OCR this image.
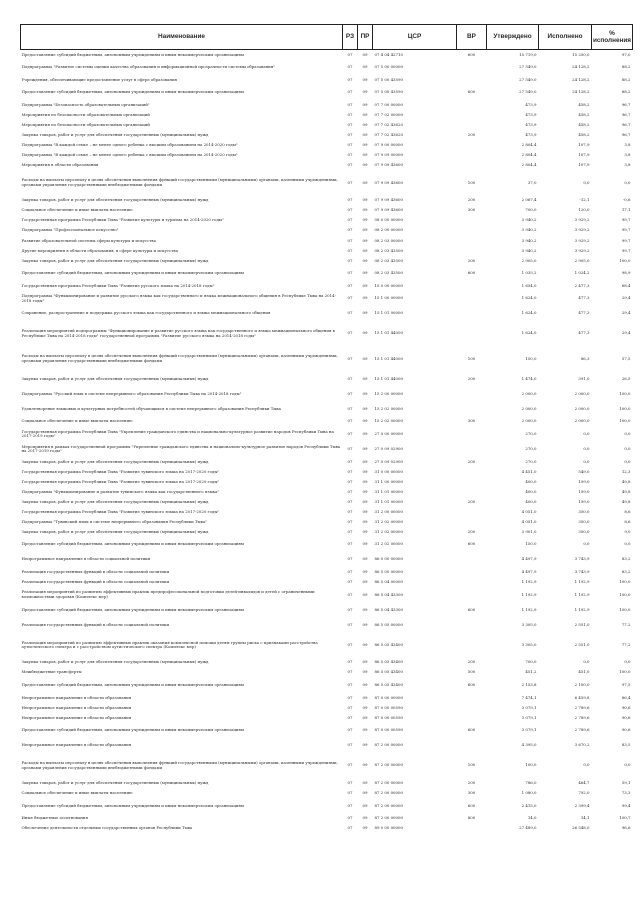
Наименование	РЗ	ПР	ЦСР	ВР	Утверждено	Исполнено	% исполнения
Предоставление субсидий бюджетным, автономным учреждениям и иным некоммерческим организациям	07	09	07 4 04 42710	600	15 719,0	15 250,0	97,0
Подпрограмма "Развитие системы оценки качества образования и информационной прозрачности системы образования"	07	09	07 5 00 00000		27 549,0	24 128,2	88,2
Учреждения, обеспечивающие предоставление услуг в сфере образования	07	09	07 5 00 43590		27 549,0	24 128,2	88,2
Предоставление субсидий бюджетным, автономным учреждениям и иным некоммерческим организациям	07	09	07 5 00 43590	600	27 549,0	24 128,2	88,2
Подпрограмма "Безопасность образовательных организаций"	07	09	07 7 00 00000		473,9	458,2	96,7
Мероприятия по безопасности образовательных организаций	07	09	07 7 02 00000		473,9	458,2	96,7
Мероприятия по безопасности образовательных организаций	07	09	07 7 02 43620		473,9	458,2	96,7
Закупка товаров, работ и услуг для обеспечения государственных (муниципальных) нужд	07	09	07 7 02 43620	200	473,9	458,2	96,7
Подпрограмма "В каждой семье – не менее одного ребенка с высшим образованием на 2014-2020 годы"	07	09	07 9 00 00000		2 804,4	107,9	3,8
Подпрограмма "В каждой семье – не менее одного ребенка с высшим образованием на 2014-2020 годы"	07	09	07 9 09 00000		2 804,4	107,9	3,8
Мероприятия в области образования	07	09	07 9 09 43600		2 804,4	107,9	3,8
Расходы на выплаты персоналу в целях обеспечения выполнения функций государственными (муниципальными) органами, казенными учреждениями, органами управления государственными внебюджетными фондами	07	09	07 9 09 43600	100	37,0	0,0	0,0
Закупка товаров, работ и услуг для обеспечения государственных (муниципальных) нужд	07	09	07 9 09 43600	200	2 067,4	-12,1	-0,6
Социальное обеспечение и иные выплаты населению	07	09	07 9 09 43600	300	700,0	120,0	17,1
Государственная программа Республики Тыва "Развитие культуры и туризма на 2014-2020 годы"	07	09	08 0 00 00000		3 940,2	3 929,2	99,7
Подпрограмма "Профессиональное искусство"	07	09	08 2 00 00000		3 940,2	3 929,2	99,7
Развитие образовательной системы сферы культуры и искусства	07	09	08 2 03 00000		3 940,2	3 929,2	99,7
Другие мероприятия в области образования, в сфере культуры и искусства	07	09	08 2 03 43500		3 940,2	3 929,2	99,7
Закупка товаров, работ и услуг для обеспечения государственных (муниципальных) нужд	07	09	08 2 03 43500	200	2 905,0	2 905,0	100,0
Предоставление субсидий бюджетным, автономным учреждениям и иным некоммерческим организациям	07	09	08 2 03 43500	600	1 035,2	1 024,2	98,9
Государственная программа Республики Тыва "Развитие русского языка на 2014-2018 годы"	07	09	15 0 00 00000		1 654,0	2 477,3	68,4
Подпрограмма "Функционирование и развитие русского языка как государственного и языка межнационального общения в Республике Тыва на 2014-2018 годы"	07	09	15 1 00 00000		1 624,0	477,3	29,4
Сохранение, распространение и поддержка русского языка как государственного и языка межнационального общения	07	09	15 1 01 00000		1 624,0	477,3	29,4
Реализация мероприятий подпрограммы "Функционирование и развитие русского языка как государственного и языка межнационального общения в Республике Тыва на 2014-2018 годы" государственной программы "Развитие русского языка на 2014-2018 годы"	07	09	15 1 01 44000		1 624,0	477,3	29,4
Расходы на выплаты персоналу в целях обеспечения выполнения функций государственными (муниципальными) органами, казенными учреждениями, органами управления государственными внебюджетными фондами	07	09	15 1 01 44000	100	150,0	86,3	57,5
Закупка товаров, работ и услуг для обеспечения государственных (муниципальных) нужд	07	09	15 1 01 44000	200	1 474,0	391,0	26,5
Подпрограмма "Русский язык в системе непрерывного образования Республики Тыва на 2014-2018 годы"	07	09	15 2 00 00000		2 000,0	2 000,0	100,0
Удовлетворение языковых и культурных потребностей обучающихся в системе непрерывного образования Республики Тыва	07	09	15 2 02 00000		2 000,0	2 000,0	100,0
Социальное обеспечение и иные выплаты населению	07	09	15 2 02 00000	300	2 000,0	2 000,0	100,0
Государственная программа Республики Тыва "Укрепление гражданского единства и национально-культурное развитие народов Республики Тыва на 2017-2019 годы"	07	09	27 0 00 00000		270,0	0,0	0,0
Мероприятия в рамках государственной программы "Укрепление гражданского единства и национально-культурное развитие народов Республики Тыва на 2017-2019 годы"	07	09	27 0 09 02900		270,0	0,0	0,0
Закупка товаров, работ и услуг для обеспечения государственных (муниципальных) нужд	07	09	27 0 09 02900	200	270,0	0,0	0,0
Государственная программа Республики Тыва "Развитие тувинского языка на 2017-2020 годы"	07	09	31 0 00 00000		4 451,0	549,0	12,3
Государственная программа Республики Тыва "Развитие тувинского языка на 2017-2020 годы"	07	09	31 1 00 00000		400,0	199,0	49,8
Подпрограмма "Функционирование и развитие тувинского языка как государственного языка"	07	09	31 1 01 00000		400,0	199,0	49,8
Закупка товаров, работ и услуг для обеспечения государственных (муниципальных) нужд	07	09	31 1 01 00000	200	400,0	199,0	49,8
Государственная программа Республики Тыва "Развитие тувинского языка на 2017-2020 годы"	07	09	31 2 00 00000		4 051,0	350,0	8,6
Подпрограмма "Тувинский язык в системе непрерывного образования Республики Тыва"	07	09	31 2 02 00000		4 051,0	350,0	8,6
Закупка товаров, работ и услуг для обеспечения государственных (муниципальных) нужд	07	09	31 2 02 00000	200	3 901,0	350,0	9,0
Предоставление субсидий бюджетным, автономным учреждениям и иным некоммерческим организациям	07	09	31 2 02 00000	600	150,0	0,0	0,0
Непрограммное направление в области социальной политики	07	09	86 0 00 00000		4 497,9	3 743,9	83,2
Реализация государственных функций в области социальной политики	07	09	86 5 00 00000		4 497,9	3 743,9	83,2
Реализация государственных функций в области социальной политики	07	09	86 5 04 00000		1 192,9	1 192,9	100,0
Реализация мероприятий по развитию эффективных практик предпрофессиональной подготовки детей-инвалидов и детей с ограниченными возможностями здоровья (Комплекс мер)	07	09	86 5 04 43300		1 192,9	1 192,9	100,0
Предоставление субсидий бюджетным, автономным учреждениям и иным некоммерческим организациям	07	09	86 5 04 43300	600	1 192,9	1 192,9	100,0
Реализация государственных функций в области социальной политики	07	09	86 5 05 00000		3 305,0	2 551,0	77,2
Реализация мероприятий по развитию эффективных практик оказания комплексной помощи детям группы риска с признаками расстройства аутистического спектра и с расстройством аутистического спектра (Комплекс мер)	07	09	86 5 05 43400		3 305,0	2 551,0	77,2
Закупка товаров, работ и услуг для обеспечения государственных (муниципальных) нужд	07	09	86 5 05 43400	200	700,0	0,0	0,0
Межбюджетные трансферты	07	09	86 5 05 43400	500	451,2	451,0	100,0
Предоставление субсидий бюджетным, автономным учреждениям и иным некоммерческим организациям	07	09	86 5 05 43400	600	2 153,8	2 100,0	97,5
Непрограммное направление в области образования	07	09	87 0 00 00000		7 474,1	6 459,8	86,4
Непрограммное направление в области образования	07	09	87 0 00 00590		3 079,1	2 789,6	90,6
Непрограммное направление в области образования	07	09	87 0 00 00590		3 079,1	2 789,6	90,6
Предоставление субсидий бюджетным, автономным учреждениям и иным некоммерческим организациям	07	09	87 0 00 00590	600	3 079,1	2 789,6	90,6
Непрограммное направление в области образования	07	09	87 2 00 00000		4 395,0	3 670,2	83,5
Расходы на выплаты персоналу в целях обеспечения выполнения функций государственными (муниципальными) органами, казенными учреждениями, органами управления государственными внебюджетными фондами	07	09	87 2 00 00000	100	100,0	0,0	0,0
Закупка товаров, работ и услуг для обеспечения государственных (муниципальных) нужд	07	09	87 2 00 00000	200	786,0	464,7	59,1
Социальное обеспечение и иные выплаты населению	07	09	87 2 00 00000	300	1 080,0	792,0	73,3
Предоставление субсидий бюджетным, автономным учреждениям и иным некоммерческим организациям	07	09	87 2 00 00000	600	2 415,0	2 399,4	99,4
Иные бюджетные ассигнования	07	09	87 2 00 00000	800	14,0	14,1	100,7
Обеспечение деятельности отдельных государственных органов Республики Тыва	07	09	89 0 00 00000		27 489,0	26 548,0	96,6
